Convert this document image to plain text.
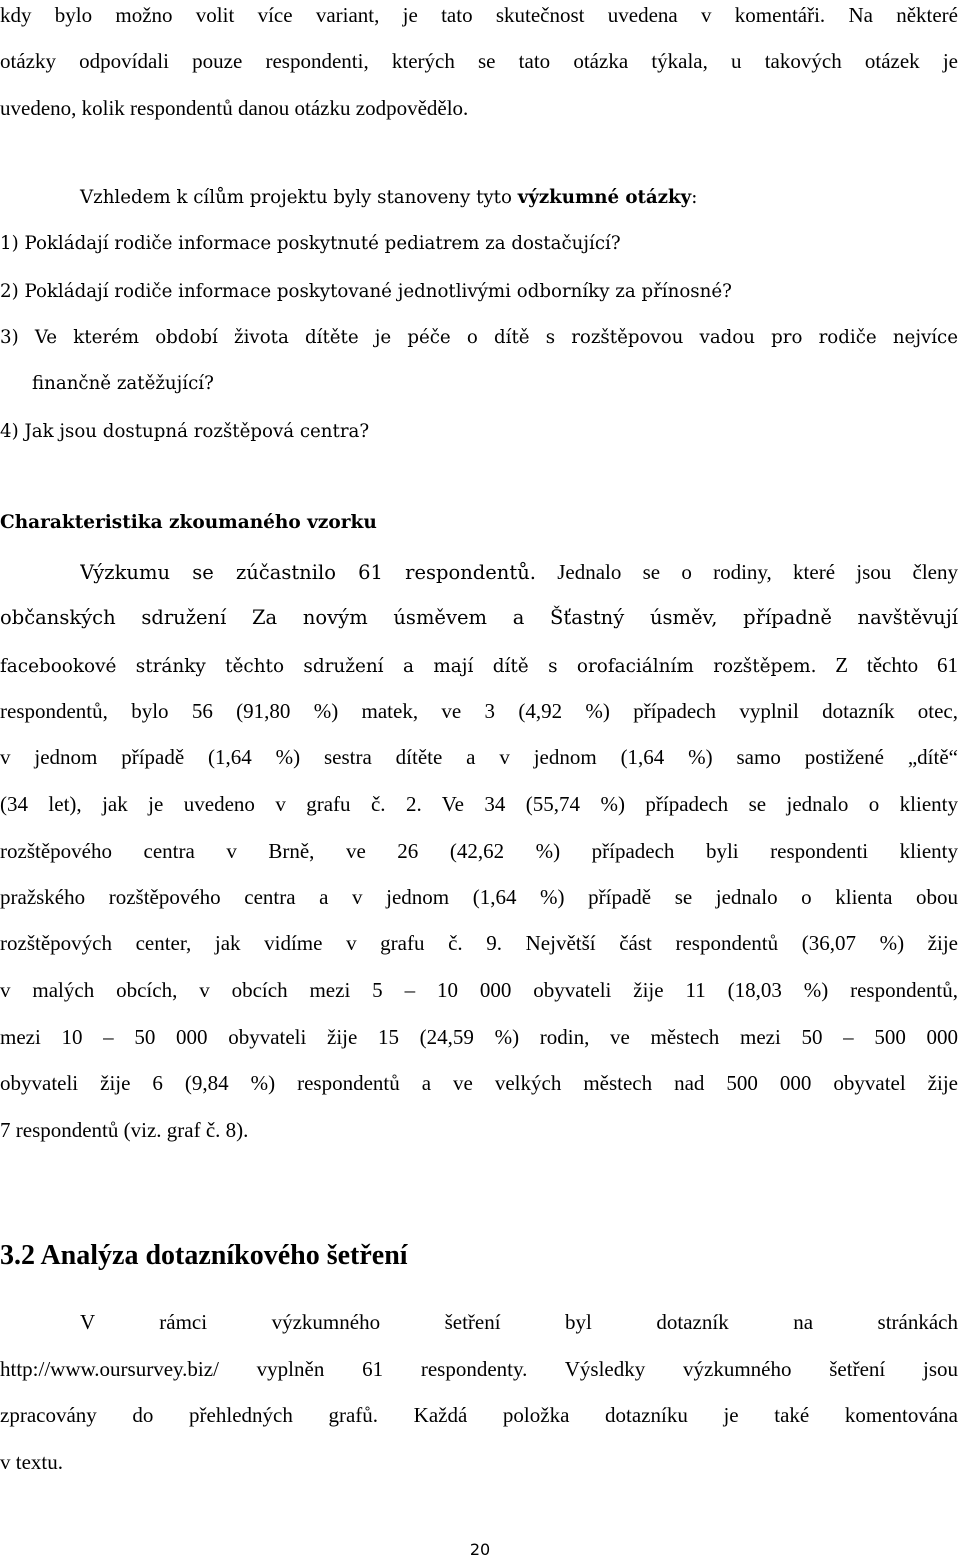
kdy bylo možno volit více variant, je tato skutečnost uvedena v komentáři. Na některé
otázky odpovídali pouze respondenti, kterých se tato otázka týkala, u takových otázek je
uvedeno, kolik respondentů danou otázku zodpovědělo.
Vzhledem k cílům projektu byly stanoveny tyto výzkumné otázky:
1) Pokládají rodiče informace poskytnuté pediatrem za dostačující?
2) Pokládají rodiče informace poskytované jednotlivými odborníky za přínosné?
3) Ve kterém období života dítěte je péče o dítě s rozštěpovou vadou pro rodiče nejvíce
finančně zatěžující?
4) Jak jsou dostupná rozštěpová centra?
Charakteristika zkoumaného vzorku
Výzkumu se zúčastnilo 61 respondentů. Jednalo se o rodiny, které jsou členy
občanských sdružení Za novým úsměvem a Šťastný úsměv, případně navštěvují
facebookové stránky těchto sdružení a mají dítě s orofaciálním rozštěpem. Z těchto 61
respondentů, bylo 56 (91,80 %) matek, ve 3 (4,92 %) případech vyplnil dotazník otec,
v jednom případě (1,64 %) sestra dítěte a v jednom (1,64 %) samo postižené „dítě“
(34 let), jak je uvedeno v grafu č. 2. Ve 34 (55,74 %) případech se jednalo o klienty
rozštěpového centra v Brně, ve 26 (42,62 %) případech byli respondenti klienty
pražského rozštěpového centra a v jednom (1,64 %) případě se jednalo o klienta obou
rozštěpových center, jak vidíme v grafu č. 9. Největší část respondentů (36,07 %) žije
v malých obcích, v obcích mezi 5 – 10 000 obyvateli žije 11 (18,03 %) respondentů,
mezi 10 – 50 000 obyvateli žije 15 (24,59 %) rodin, ve městech mezi 50 – 500 000
obyvateli žije 6 (9,84 %) respondentů a ve velkých městech nad 500 000 obyvatel žije
7 respondentů (viz. graf č. 8).
3.2 Analýza dotazníkového šetření
V rámci výzkumného šetření byl dotazník na stránkách
http://www.oursurvey.biz/ vyplněn 61 respondenty. Výsledky výzkumného šetření jsou
zpracovány do přehledných grafů. Každá položka dotazníku je také komentována
v textu.
20
